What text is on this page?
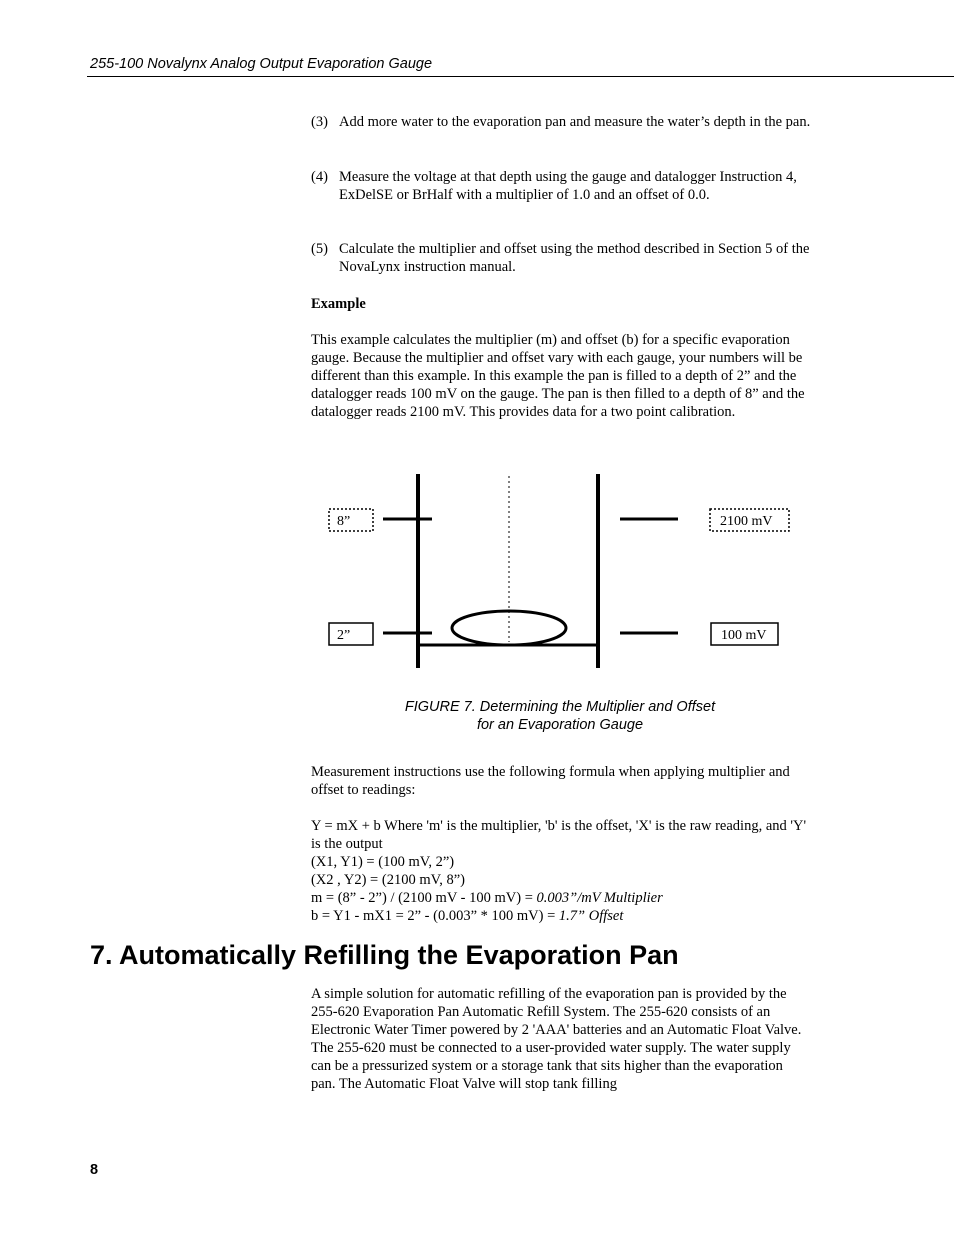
255-100 Novalynx Analog Output Evaporation Gauge
(3) Add more water to the evaporation pan and measure the water’s depth in the pan.
(4) Measure the voltage at that depth using the gauge and datalogger Instruction 4, ExDelSE or BrHalf with a multiplier of 1.0 and an offset of 0.0.
(5) Calculate the multiplier and offset using the method described in Section 5 of the NovaLynx instruction manual.
Example
This example calculates the multiplier (m) and offset (b) for a specific evaporation gauge. Because the multiplier and offset vary with each gauge, your numbers will be different than this example. In this example the pan is filled to a depth of 2” and the datalogger reads 100 mV on the gauge. The pan is then filled to a depth of 8” and the datalogger reads 2100 mV. This provides data for a two point calibration.
8”
2”
2100 mV
100 mV
FIGURE 7. Determining the Multiplier and Offset
for an Evaporation Gauge
Measurement instructions use the following formula when applying multiplier and offset to readings:
Y = mX + b Where 'm' is the multiplier, 'b' is the offset, 'X' is the raw reading, and 'Y' is the output
(X1, Y1) = (100 mV, 2”)
(X2 , Y2) = (2100 mV, 8”)
m = (8” - 2”) / (2100 mV - 100 mV) = 0.003”/mV Multiplier
b = Y1 - mX1 = 2” - (0.003” * 100 mV) = 1.7” Offset
7. Automatically Refilling the Evaporation Pan
A simple solution for automatic refilling of the evaporation pan is provided by the 255-620 Evaporation Pan Automatic Refill System. The 255-620 consists of an Electronic Water Timer powered by 2 'AAA' batteries and an Automatic Float Valve. The 255-620 must be connected to a user-provided water supply. The water supply can be a pressurized system or a storage tank that sits higher than the evaporation pan. The Automatic Float Valve will stop tank filling
8
